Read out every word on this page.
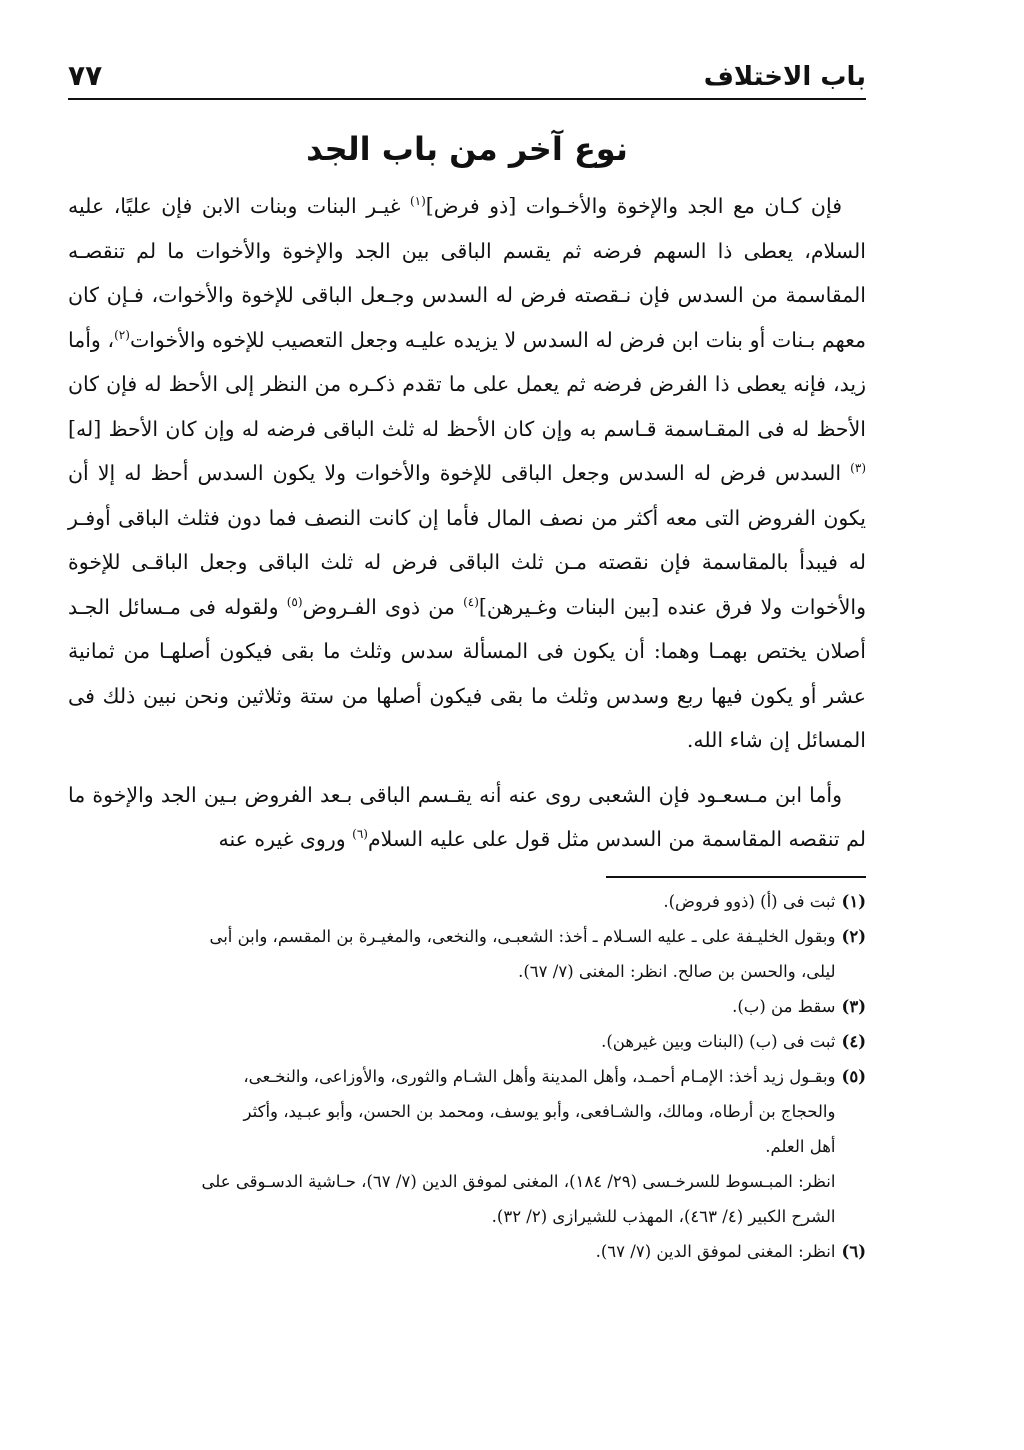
باب الاختلاف
٧٧
نوع آخر من باب الجد

فإن كـان مع الجد والإخوة والأخـوات [ذو فرض]$^{(١)}$ غيـر البنات وبنات الابن فإن عليًا، عليه السلام، يعطى ذا السهم فرضه ثم يقسم الباقى بين الجد والإخوة والأخوات ما لم تنقصـه المقاسمة من السدس فإن نـقصته فرض له السدس وجـعل الباقى للإخوة والأخوات، فـإن كان معهم بـنات أو بنات ابن فرض له السدس لا يزيده عليـه وجعل التعصيب للإخوه والأخوات$^{(٢)}$، وأما زيد، فإنه يعطى ذا الفرض فرضه ثم يعمل على ما تقدم ذكـره من النظر إلى الأحظ له فإن كان الأحظ له فى المقـاسمة قـاسم به وإن كان الأحظ له ثلث الباقى فرضه له وإن كان الأحظ [له]$^{(٣)}$ السدس فرض له السدس وجعل الباقى للإخوة والأخوات ولا يكون السدس أحظ له إلا أن يكون الفروض التى معه أكثر من نصف المال فأما إن كانت النصف فما دون فثلث الباقى أوفـر له فيبدأ بالمقاسمة فإن نقصته مـن ثلث الباقى فرض له ثلث الباقى وجعل الباقـى للإخوة والأخوات ولا فرق عنده [بين البنات وغـيرهن]$^{(٤)}$ من ذوى الفـروض$^{(٥)}$ ولقوله فى مـسائل الجـد أصلان يختص بهمـا وهما: أن يكون فى المسألة سدس وثلث ما بقى فيكون أصلهـا من ثمانية عشر أو يكون فيها ربع وسدس وثلث ما بقى فيكون أصلها من ستة وثلاثين ونحن نبين ذلك فى المسائل إن شاء الله.

وأما ابن مـسعـود فإن الشعبى روى عنه أنه يقـسم الباقى بـعد الفروض بـين الجد والإخوة ما لم تنقصه المقاسمة من السدس مثل قول على عليه السلام$^{(٦)}$ وروى غيره عنه

(١)
ثبت فى (أ) (ذوو فروض).
(٢)
وبقول الخليـفة على ـ عليه السـلام ـ أخذ: الشعبـى، والنخعى، والمغيـرة بن المقسم، وابن أبى
ليلى، والحسن بن صالح. انظر: المغنى (٧/ ٦٧).
(٣)
سقط من (ب).
(٤)
ثبت فى (ب) (البنات وبين غيرهن).
(٥)
وبقـول زيد أخذ: الإمـام أحمـد، وأهل المدينة وأهل الشـام والثورى، والأوزاعى، والنخـعى،
والحجاج بن أرطاه، ومالك، والشـافعى، وأبو يوسف، ومحمد بن الحسن، وأبو عبـيد، وأكثر
أهل العلم.
انظر: المبـسوط للسرخـسى (٢٩/ ١٨٤)، المغنى لموفق الدين (٧/ ٦٧)، حـاشية الدسـوقى على
الشرح الكبير (٤/ ٤٦٣)، المهذب للشيرازى (٢/ ٣٢).
(٦)
انظر: المغنى لموفق الدين (٧/ ٦٧).
